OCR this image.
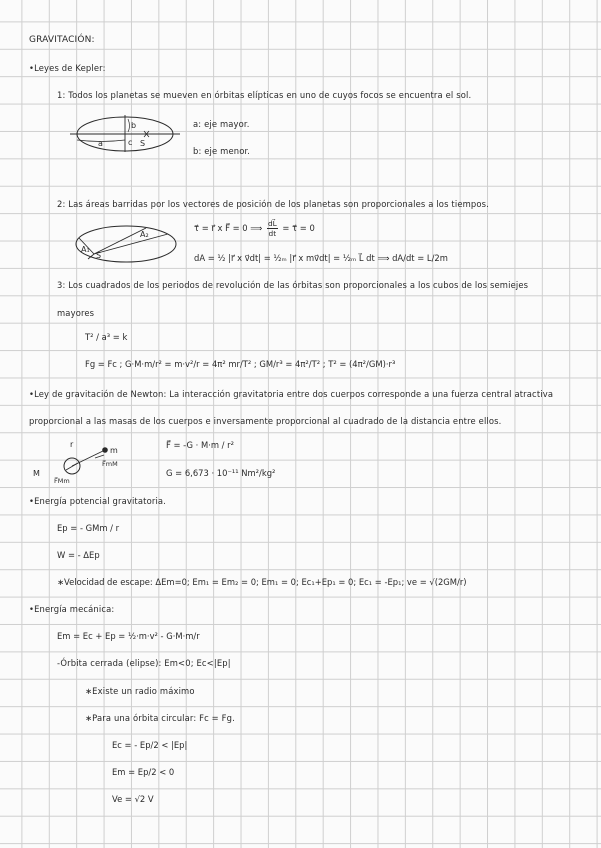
GRAVITACIÓN:
•Leyes de Kepler:
1: Todos los planetas se mueven en órbitas elípticas en uno de cuyos focos se encuentra el sol.
a
b
c S
a: eje mayor.
b: eje menor.
2: Las áreas barridas por los vectores de posición de los planetas son proporcionales a los tiempos.
A₁
A₂
S
τ⃗ = r⃗ x F⃗ = 0 ⟹ $\frac{dL⃗}{dt}$ = τ⃗ = 0
dA = ½ |r⃗ x v⃗dt| = ½ₘ |r⃗ x mv⃗dt| = ½ₘ L⃗ dt ⟹ dA/dt = L/2m
3: Los cuadrados de los periodos de revolución de las órbitas son proporcionales a los cubos de los semiejes
mayores
T² / a³ = k
Fg = Fc ; G·M·m/r² = m·v²/r = 4π² mr/T² ; GM/r³ = 4π²/T² ; T² = (4π²/GM)·r³
•Ley de gravitación de Newton: La interacción gravitatoria entre dos cuerpos corresponde a una fuerza central atractiva
proporcional a las masas de los cuerpos e inversamente proporcional al cuadrado de la distancia entre ellos.
r
m
M
F⃗Mm
F⃗mM
F⃗ = -G · M·m / r²
G = 6,673 · 10⁻¹¹ Nm²/kg²
•Energía potencial gravitatoria.
Ep = - GMm / r
W = - ΔEp
∗Velocidad de escape: ΔEm=0; Em₁ = Em₂ = 0; Em₁ = 0; Ec₁+Ep₁ = 0; Ec₁ = -Ep₁; ve = √(2GM/r)
•Energía mecánica:
Em = Ec + Ep = ½·m·v² - G·M·m/r
-Órbita cerrada (elipse): Em<0; Ec<|Ep|
∗Existe un radio máximo
∗Para una órbita circular: Fc = Fg.
Ec = - Ep/2 < |Ep|
Em = Ep/2 < 0
Ve = √2 V
